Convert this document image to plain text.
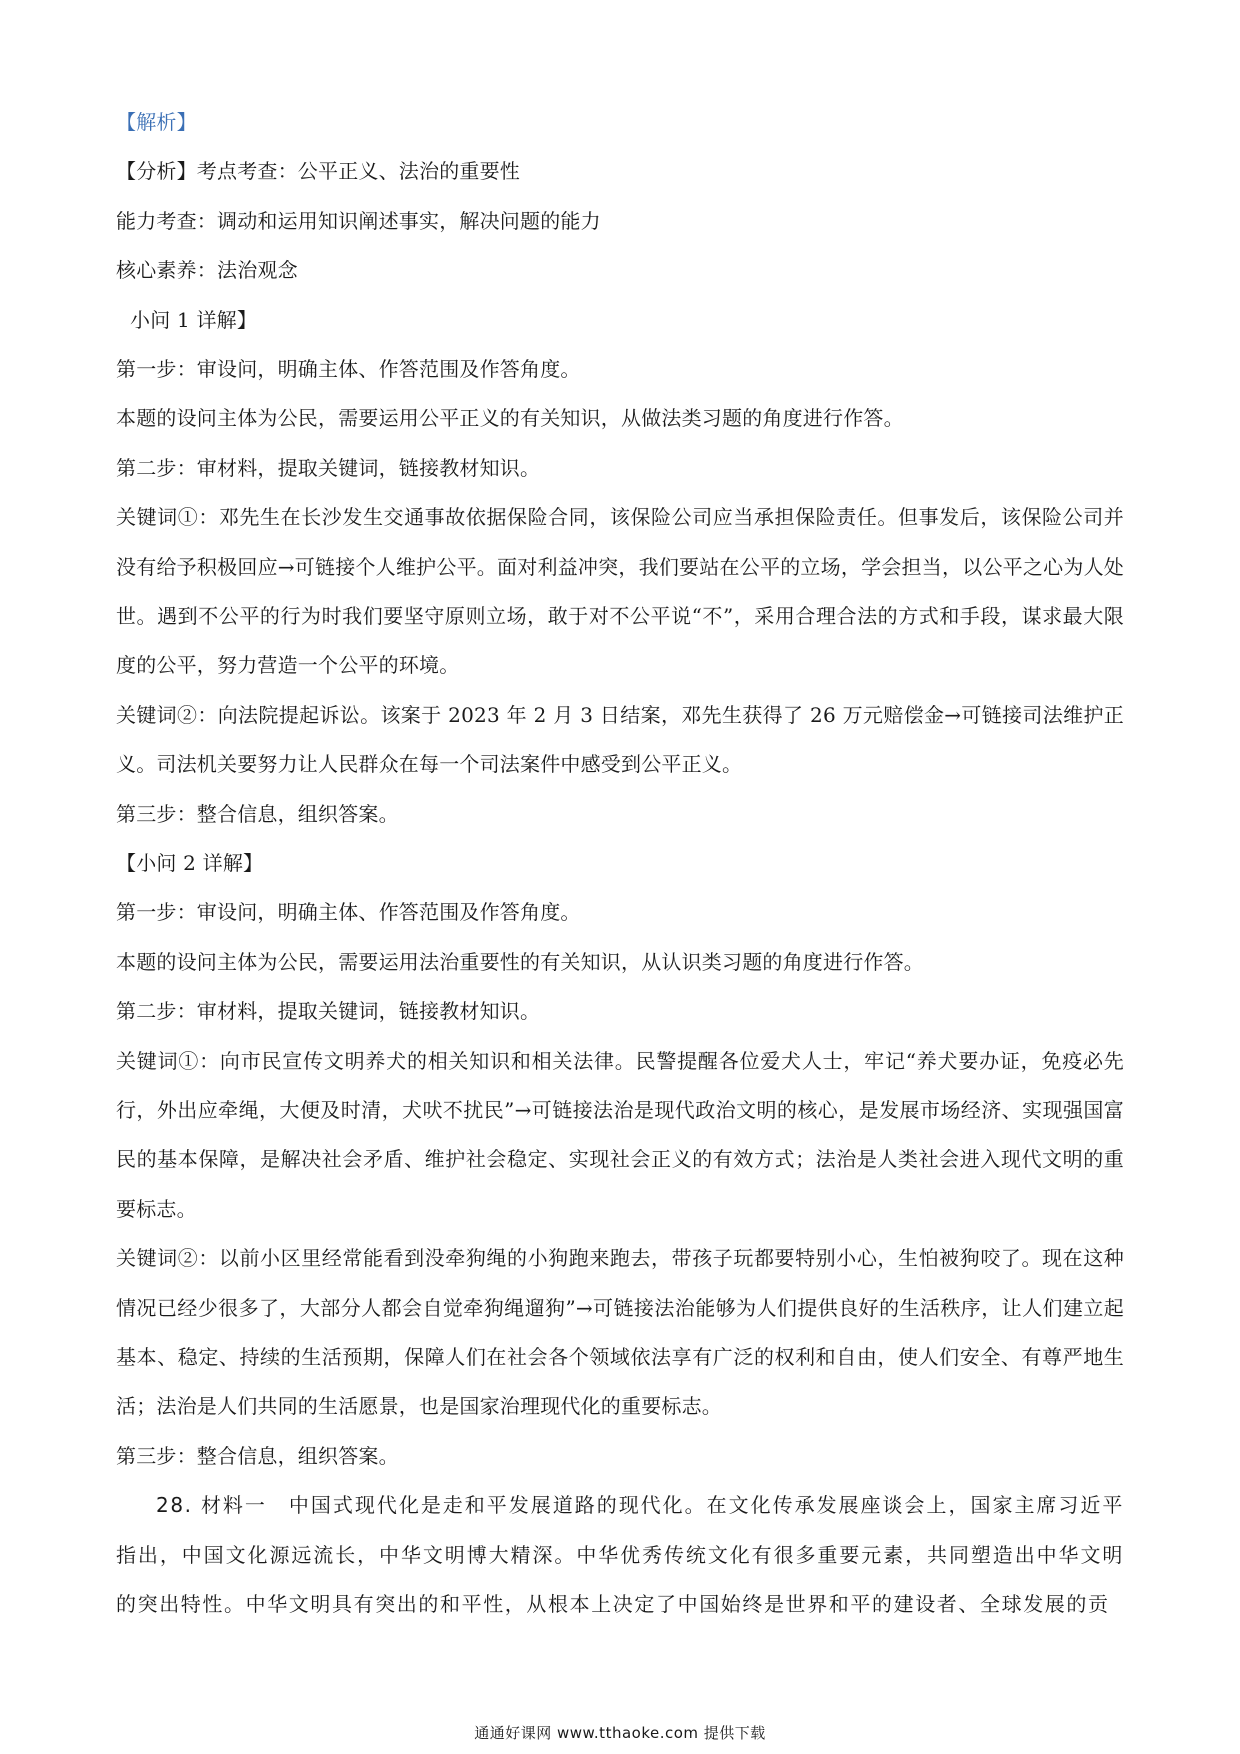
【解析】
【分析】考点考查：公平正义、法治的重要性
能力考查：调动和运用知识阐述事实，解决问题的能力
核心素养：法治观念
小问 1 详解】
第一步：审设问，明确主体、作答范围及作答角度。
本题的设问主体为公民，需要运用公平正义的有关知识，从做法类习题的角度进行作答。
第二步：审材料，提取关键词，链接教材知识。
关键词①：邓先生在长沙发生交通事故依据保险合同，该保险公司应当承担保险责任。但事发后，该保险公司并没有给予积极回应→可链接个人维护公平。面对利益冲突，我们要站在公平的立场，学会担当，以公平之心为人处世。遇到不公平的行为时我们要坚守原则立场，敢于对不公平说“不”，采用合理合法的方式和手段，谋求最大限度的公平，努力营造一个公平的环境。
关键词②：向法院提起诉讼。该案于 2023 年 2 月 3 日结案，邓先生获得了 26 万元赔偿金→可链接司法维护正义。司法机关要努力让人民群众在每一个司法案件中感受到公平正义。
第三步：整合信息，组织答案。
【小问 2 详解】
第一步：审设问，明确主体、作答范围及作答角度。
本题的设问主体为公民，需要运用法治重要性的有关知识，从认识类习题的角度进行作答。
第二步：审材料，提取关键词，链接教材知识。
关键词①：向市民宣传文明养犬的相关知识和相关法律。民警提醒各位爱犬人士，牢记“养犬要办证，免疫必先行，外出应牵绳，大便及时清，犬吠不扰民”→可链接法治是现代政治文明的核心，是发展市场经济、实现强国富民的基本保障，是解决社会矛盾、维护社会稳定、实现社会正义的有效方式；法治是人类社会进入现代文明的重要标志。
关键词②：以前小区里经常能看到没牵狗绳的小狗跑来跑去，带孩子玩都要特别小心，生怕被狗咬了。现在这种情况已经少很多了，大部分人都会自觉牵狗绳遛狗”→可链接法治能够为人们提供良好的生活秩序，让人们建立起基本、稳定、持续的生活预期，保障人们在社会各个领域依法享有广泛的权利和自由，使人们安全、有尊严地生活；法治是人们共同的生活愿景，也是国家治理现代化的重要标志。
第三步：整合信息，组织答案。
28. 材料一　中国式现代化是走和平发展道路的现代化。在文化传承发展座谈会上，国家主席习近平指出，中国文化源远流长，中华文明博大精深。中华优秀传统文化有很多重要元素，共同塑造出中华文明的突出特性。中华文明具有突出的和平性，从根本上决定了中国始终是世界和平的建设者、全球发展的贡
通通好课网 www.tthaoke.com 提供下载
